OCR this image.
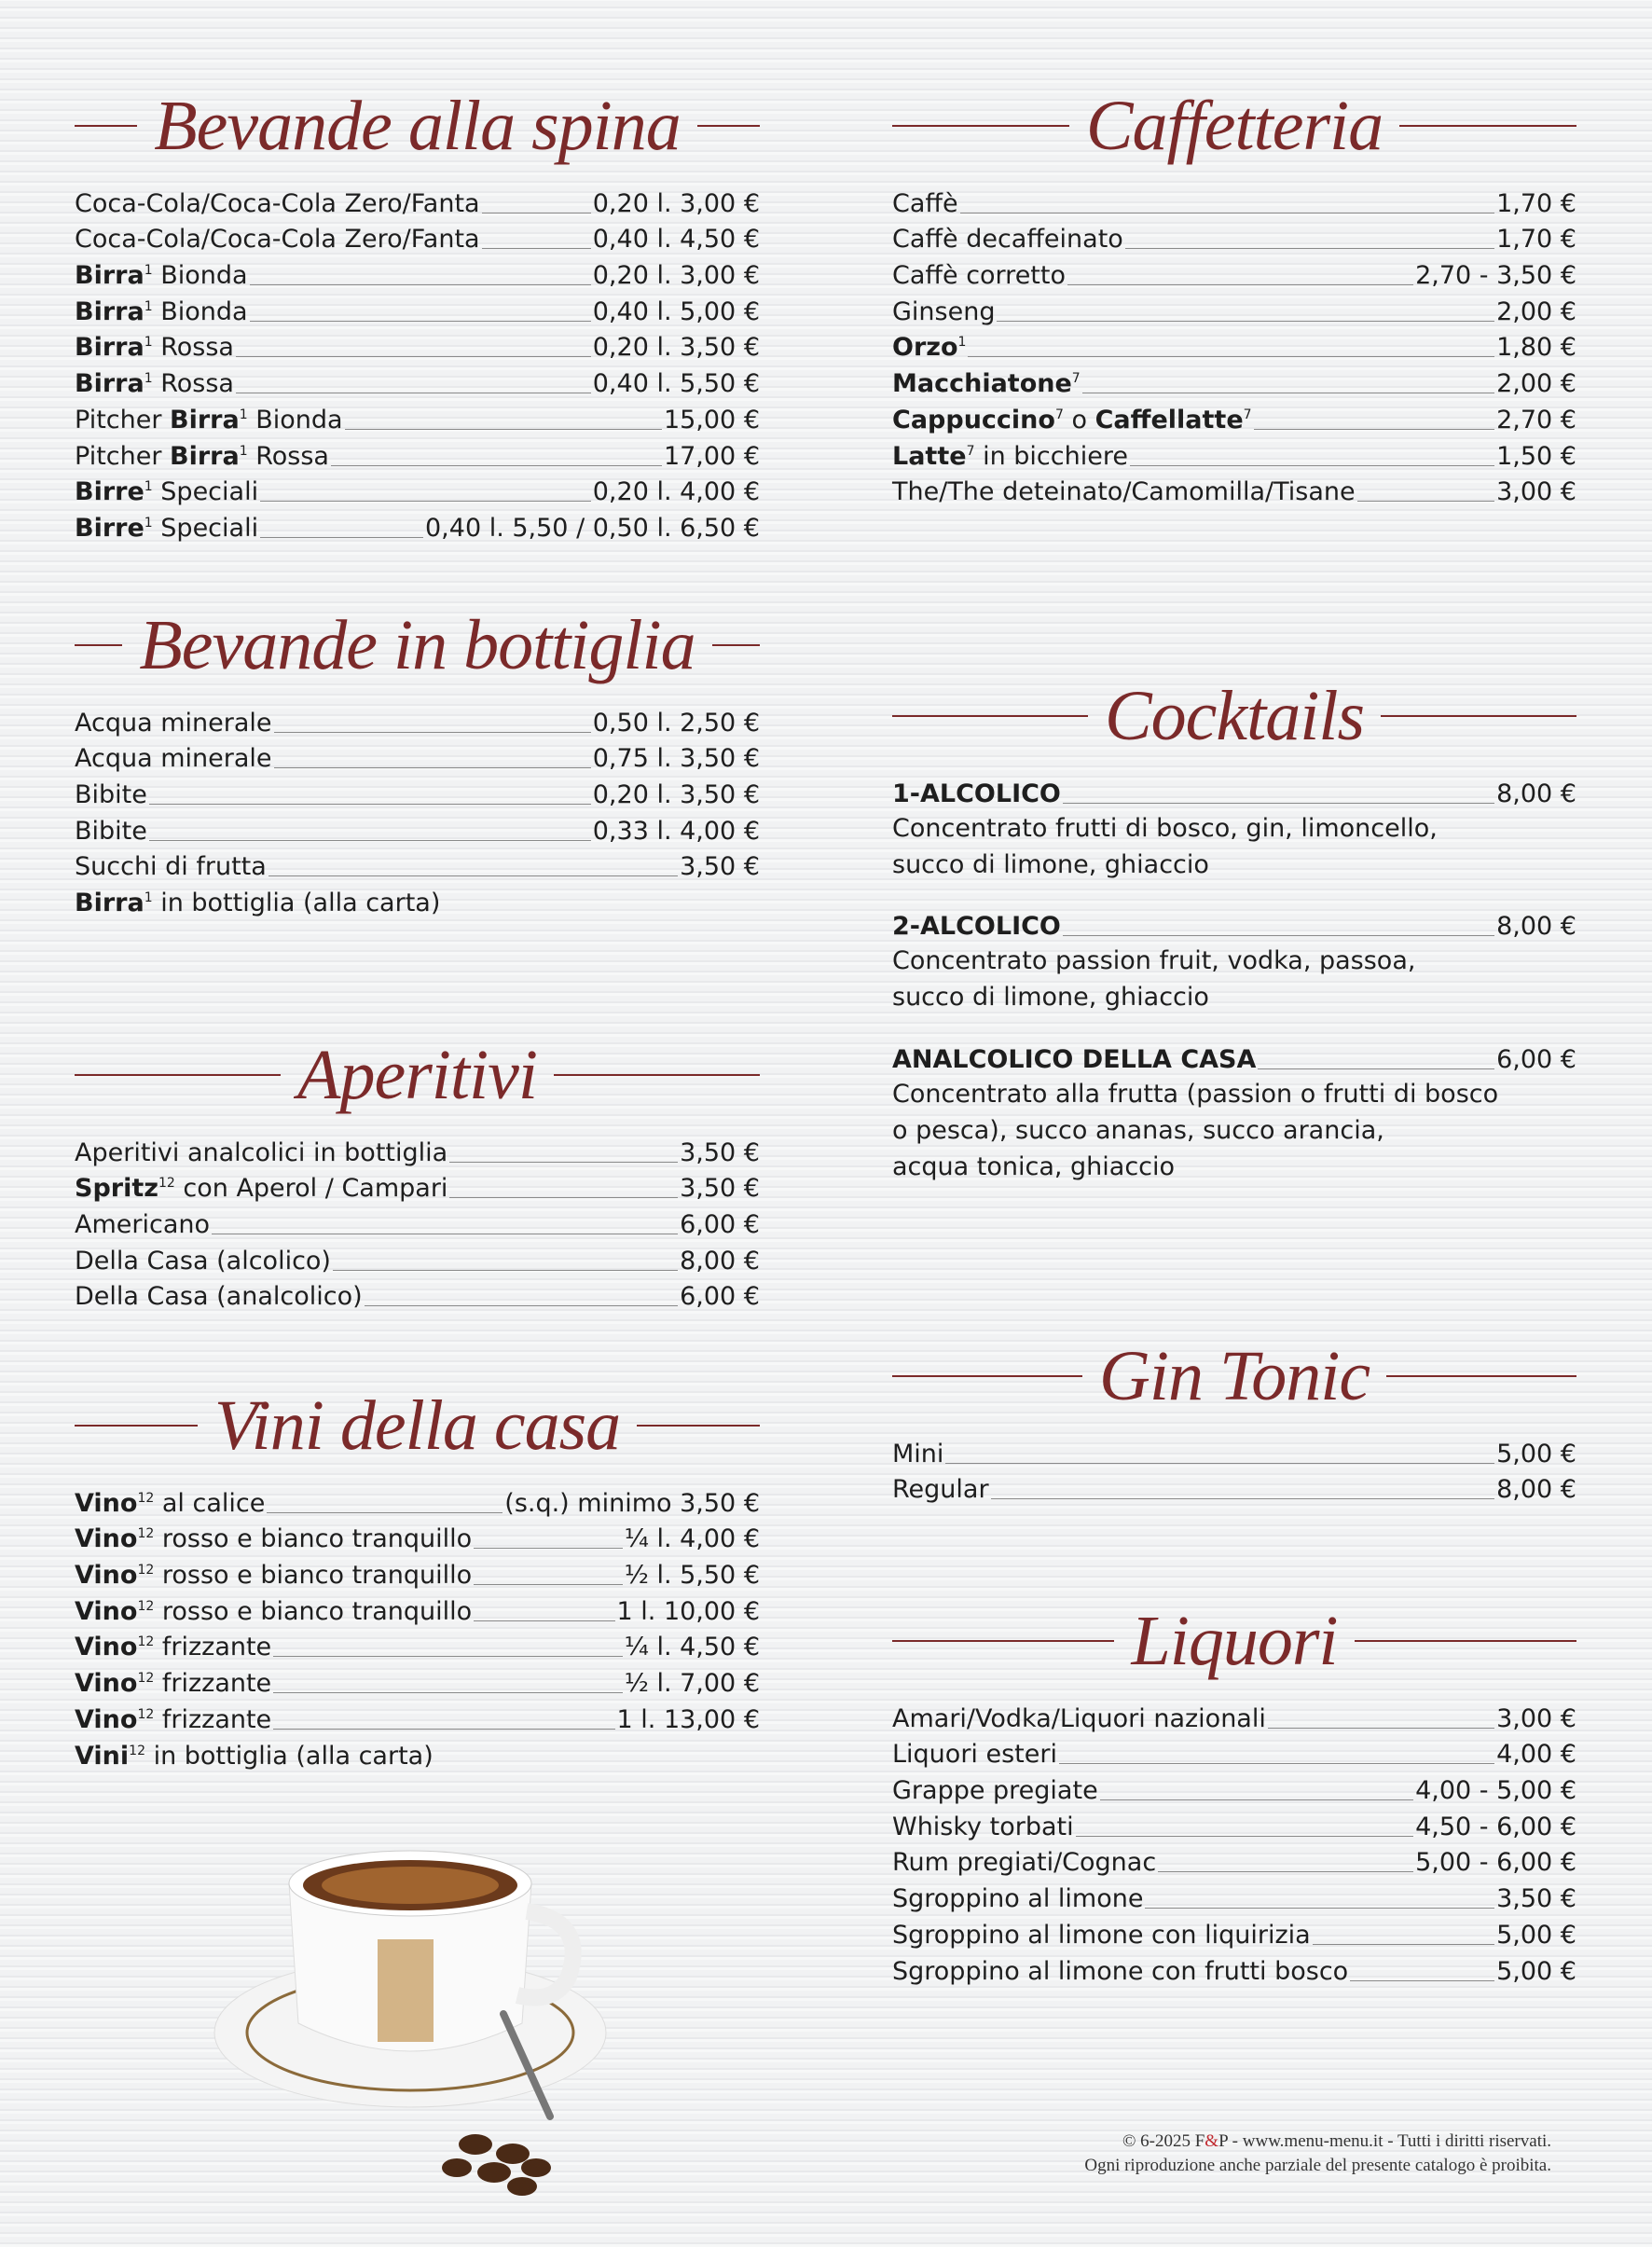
Bevande alla spina
Coca-Cola/Coca-Cola Zero/Fanta	0,20 l. 3,00 €
Coca-Cola/Coca-Cola Zero/Fanta	0,40 l. 4,50 €
Birra$^1$ Bionda	0,20 l. 3,00 €
Birra$^1$ Bionda	0,40 l. 5,00 €
Birra$^1$ Rossa	0,20 l. 3,50 €
Birra$^1$ Rossa	0,40 l. 5,50 €
Pitcher Birra$^1$ Bionda	15,00 €
Pitcher Birra$^1$ Rossa	17,00 €
Birre$^1$ Speciali	0,20 l. 4,00 €
Birre$^1$ Speciali	0,40 l. 5,50 / 0,50 l. 6,50 €
Bevande in bottiglia
Acqua minerale	0,50 l. 2,50 €
Acqua minerale	0,75 l. 3,50 €
Bibite	0,20 l. 3,50 €
Bibite	0,33 l. 4,00 €
Succhi di frutta	3,50 €
Birra$^1$ in bottiglia (alla carta)
Aperitivi
Aperitivi analcolici in bottiglia	3,50 €
Spritz$^{12}$ con Aperol / Campari	3,50 €
Americano	6,00 €
Della Casa (alcolico)	8,00 €
Della Casa (analcolico)	6,00 €
Vini della casa
Vino$^{12}$ al calice	(s.q.) minimo 3,50 €
Vino$^{12}$ rosso e bianco tranquillo	¼ l. 4,00 €
Vino$^{12}$ rosso e bianco tranquillo	½ l. 5,50 €
Vino$^{12}$ rosso e bianco tranquillo	1 l. 10,00 €
Vino$^{12}$ frizzante	¼ l. 4,50 €
Vino$^{12}$ frizzante	½ l. 7,00 €
Vino$^{12}$ frizzante	1 l. 13,00 €
Vini$^{12}$ in bottiglia (alla carta)
Caffetteria
Caffè	1,70 €
Caffè decaffeinato	1,70 €
Caffè corretto	2,70 - 3,50 €
Ginseng	2,00 €
Orzo$^1$	1,80 €
Macchiatone$^7$	2,00 €
Cappuccino$^7$ o Caffellatte$^7$	2,70 €
Latte$^7$ in bicchiere	1,50 €
The/The deteinato/Camomilla/Tisane	3,00 €
Cocktails
1-ALCOLICO	8,00 €
Concentrato frutti di bosco, gin, limoncello,
succo di limone, ghiaccio
2-ALCOLICO	8,00 €
Concentrato passion fruit, vodka, passoa,
succo di limone, ghiaccio
ANALCOLICO DELLA CASA	6,00 €
Concentrato alla frutta (passion o frutti di bosco
o pesca), succo ananas, succo arancia,
acqua tonica, ghiaccio
Gin Tonic
Mini	5,00 €
Regular	8,00 €
Liquori
Amari/Vodka/Liquori nazionali	3,00 €
Liquori esteri	4,00 €
Grappe pregiate	4,00 - 5,00 €
Whisky torbati	4,50 - 6,00 €
Rum pregiati/Cognac	5,00 - 6,00 €
Sgroppino al limone	3,50 €
Sgroppino al limone con liquirizia	5,00 €
Sgroppino al limone con frutti bosco	5,00 €
© 6-2025 F&P - www.menu-menu.it - Tutti i diritti riservati.
Ogni riproduzione anche parziale del presente catalogo è proibita.
